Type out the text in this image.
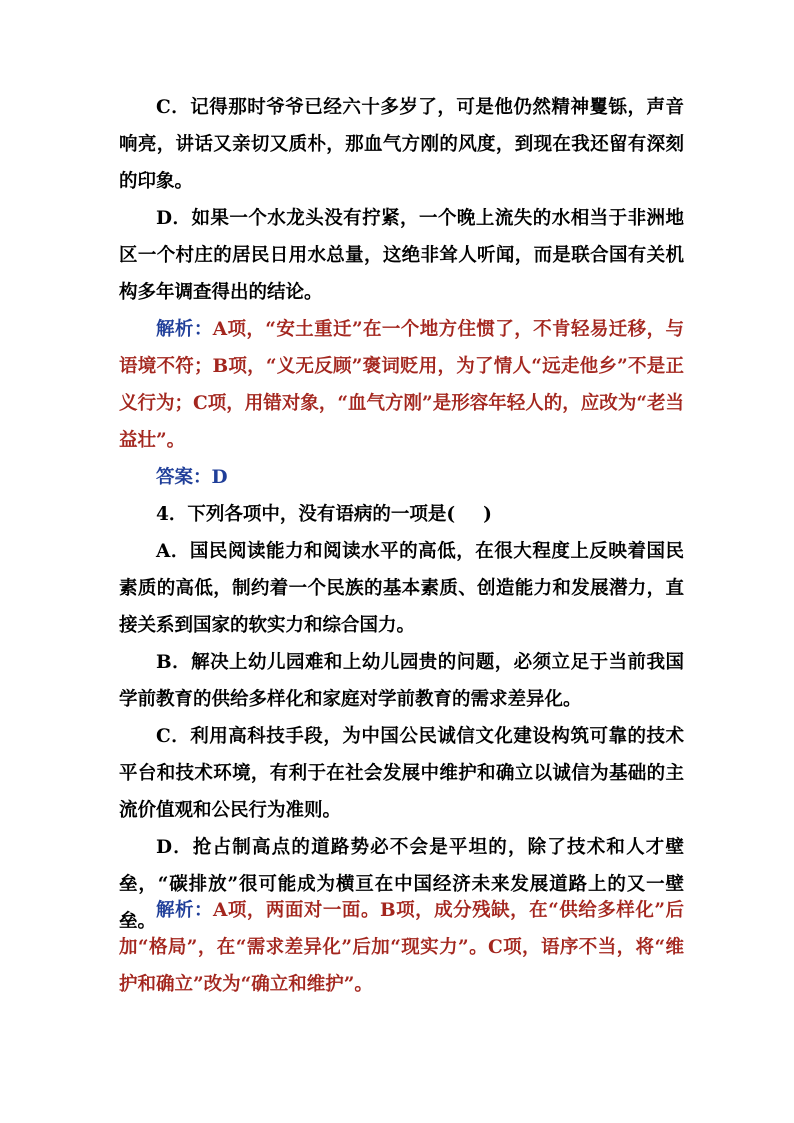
C．记得那时爷爷已经六十多岁了，可是他仍然精神矍铄，声音响亮，讲话又亲切又质朴，那血气方刚的风度，到现在我还留有深刻的印象。

D．如果一个水龙头没有拧紧，一个晚上流失的水相当于非洲地区一个村庄的居民日用水总量，这绝非耸人听闻，而是联合国有关机构多年调查得出的结论。

解析：A项，“安土重迁”在一个地方住惯了，不肯轻易迁移，与语境不符；B项，“义无反顾”褒词贬用，为了情人“远走他乡”不是正义行为；C项，用错对象，“血气方刚”是形容年轻人的，应改为“老当益壮”。

答案：D

4．下列各项中，没有语病的一项是( )

A．国民阅读能力和阅读水平的高低，在很大程度上反映着国民素质的高低，制约着一个民族的基本素质、创造能力和发展潜力，直接关系到国家的软实力和综合国力。

B．解决上幼儿园难和上幼儿园贵的问题，必须立足于当前我国学前教育的供给多样化和家庭对学前教育的需求差异化。

C．利用高科技手段，为中国公民诚信文化建设构筑可靠的技术平台和技术环境，有利于在社会发展中维护和确立以诚信为基础的主流价值观和公民行为准则。

D．抢占制高点的道路势必不会是平坦的，除了技术和人才壁垒，“碳排放”很可能成为横亘在中国经济未来发展道路上的又一壁垒。

解析：A项，两面对一面。B项，成分残缺，在“供给多样化”后加“格局”，在“需求差异化”后加“现实力”。C项，语序不当，将“维护和确立”改为“确立和维护”。
